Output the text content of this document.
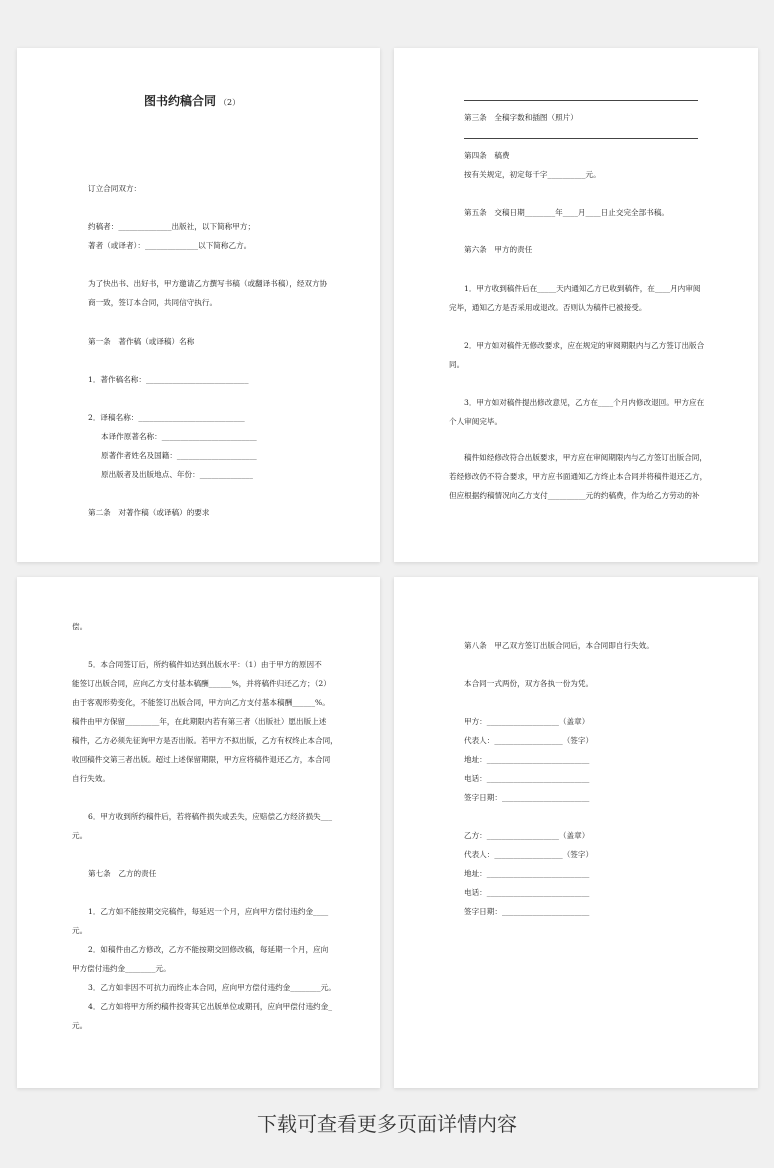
图书约稿合同 （2）
订立合同双方：
约稿者：______________出版社，以下简称甲方；
著者（或译者）：______________以下简称乙方。
为了快出书、出好书，甲方邀请乙方撰写书稿（或翻译书稿），经双方协
商一致，签订本合同，共同信守执行。
第一条　著作稿（或译稿）名称
1．著作稿名称：___________________________
2．译稿名称：____________________________
本译作原著名称：_________________________
原著作者姓名及国籍：_____________________
原出版者及出版地点、年份：______________
第二条　对著作稿（或译稿）的要求
第三条　全稿字数和插图（照片）
第四条　稿费
按有关规定，初定每千字__________元。
第五条　交稿日期________年____月____日止交完全部书稿。
第六条　甲方的责任
1．甲方收到稿件后在_____天内通知乙方已收到稿件，在____月内审阅
完毕，通知乙方是否采用或退改。否则认为稿件已被接受。
2．甲方如对稿件无修改要求，应在规定的审阅期限内与乙方签订出版合
同。
3．甲方如对稿件提出修改意见，乙方在____个月内修改退回。甲方应在
个人审阅完毕。
稿件如经修改符合出版要求，甲方应在审阅期限内与乙方签订出版合同，
若经修改仍不符合要求，甲方应书面通知乙方终止本合同并将稿件退还乙方，
但应根据约稿情况向乙方支付__________元的约稿费，作为给乙方劳动的补
偿。
5．本合同签订后，所约稿件如达到出版水平：（1）由于甲方的原因不
能签订出版合同，应向乙方支付基本稿酬______%，并将稿件归还乙方；（2）
由于客观形势变化，不能签订出版合同，甲方向乙方支付基本稿酬______%。
稿件由甲方保留_________年，在此期限内若有第三者（出版社）愿出版上述
稿件，乙方必须先征询甲方是否出版。若甲方不拟出版，乙方有权终止本合同，
收回稿件交第三者出版。超过上述保留期限，甲方应将稿件退还乙方，本合同
自行失效。
6．甲方收到所约稿件后，若将稿件损失或丢失，应赔偿乙方经济损失___
元。
第七条　乙方的责任
1．乙方如不能按期交完稿件，每延迟一个月，应向甲方偿付违约金____
元。
2．如稿件由乙方修改，乙方不能按期交回修改稿，每延期一个月，应向
甲方偿付违约金________元。
3．乙方如非因不可抗力而终止本合同，应向甲方偿付违约金________元。
4．乙方如将甲方所约稿件投寄其它出版单位或期刊，应向甲偿付违约金_
元。
第八条　甲乙双方签订出版合同后，本合同即自行失效。
本合同一式两份，双方各执一份为凭。
甲方：___________________（盖章）
代表人：__________________（签字）
地址：___________________________
电话：___________________________
签字日期：_______________________
乙方：___________________（盖章）
代表人：__________________（签字）
地址：___________________________
电话：___________________________
签字日期：_______________________
下载可查看更多页面详情内容
